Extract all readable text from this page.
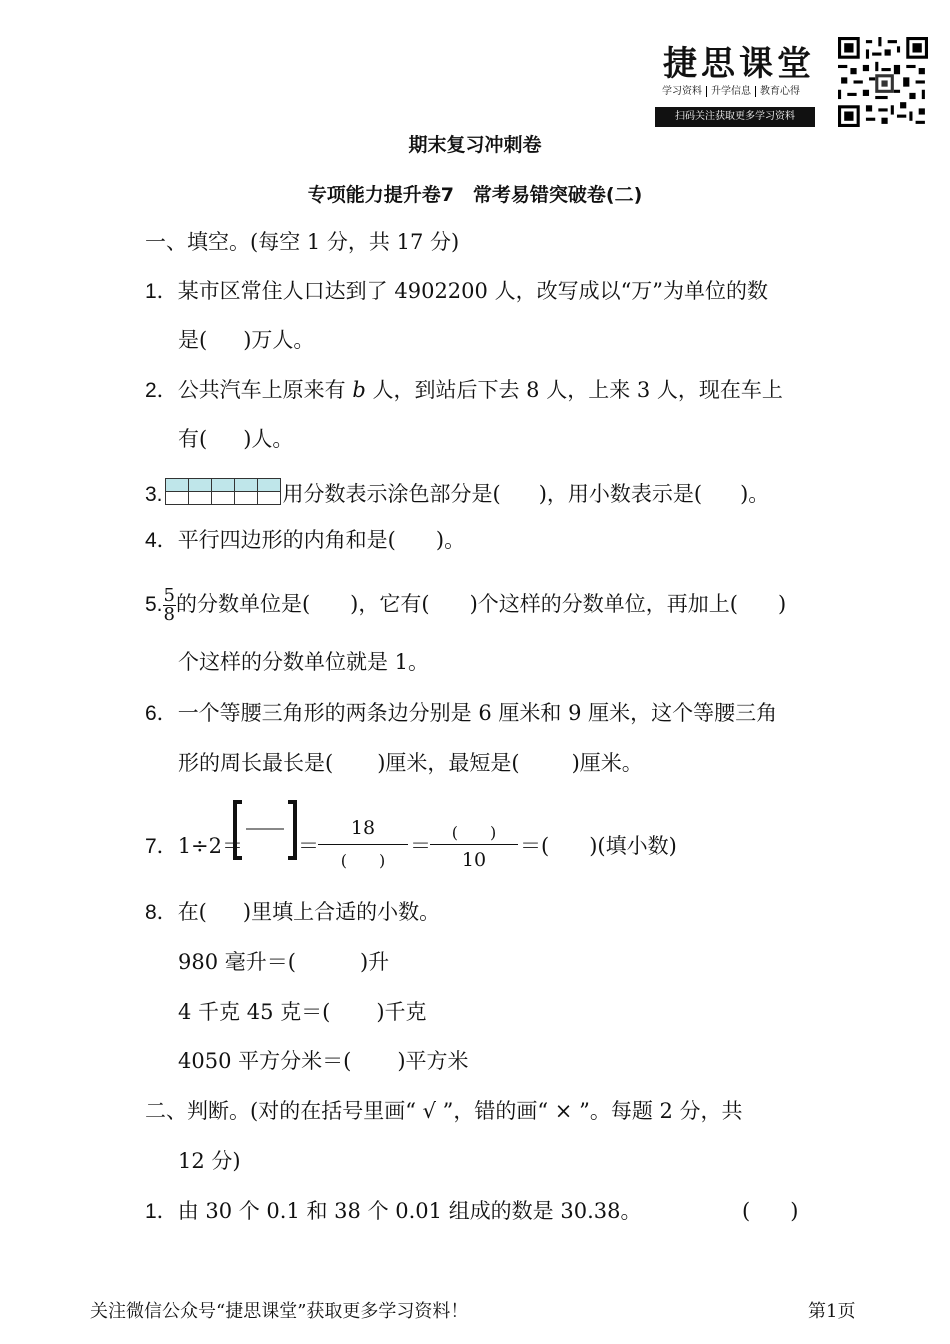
捷思课堂
学习资料 升学信息 教育心得
扫码关注获取更多学习资料
期末复习冲刺卷
专项能力提升卷7　常考易错突破卷(二)
一、填空。(每空 1 分，共 17 分)
1．某市区常住人口达到了 4902200 人，改写成以“万”为单位的数
是( )万人。
2．公共汽车上原来有 b 人，到站后下去 8 人，上来 3 人，现在车上
有( )人。
3.				
					用分数表示涂色部分是( )，用小数表示是( )。
4．平行四边形的内角和是( )。
5. $\frac{5}{8}$ 的分数单位是( )，它有( )个这样的分数单位，再加上( )
个这样的分数单位就是 1。
6．一个等腰三角形的两条边分别是 6 厘米和 9 厘米，这个等腰三角
形的周长最长是( )厘米，最短是( )厘米。
7．1÷2＝	＝
18
(　　)
＝
(　　)
10
＝( )(填小数)
8．在( )里填上合适的小数。
980 毫升＝(	)升
4 千克 45 克＝( )千克
4050 平方分米＝( )平方米
二、判断。(对的在括号里画“ √ ”，错的画“ × ”。每题 2 分，共
12 分)
1．由 30 个 0.1 和 38 个 0.01 组成的数是 30.38。	( )
关注微信公众号“捷思课堂”获取更多学习资料！	第1页
